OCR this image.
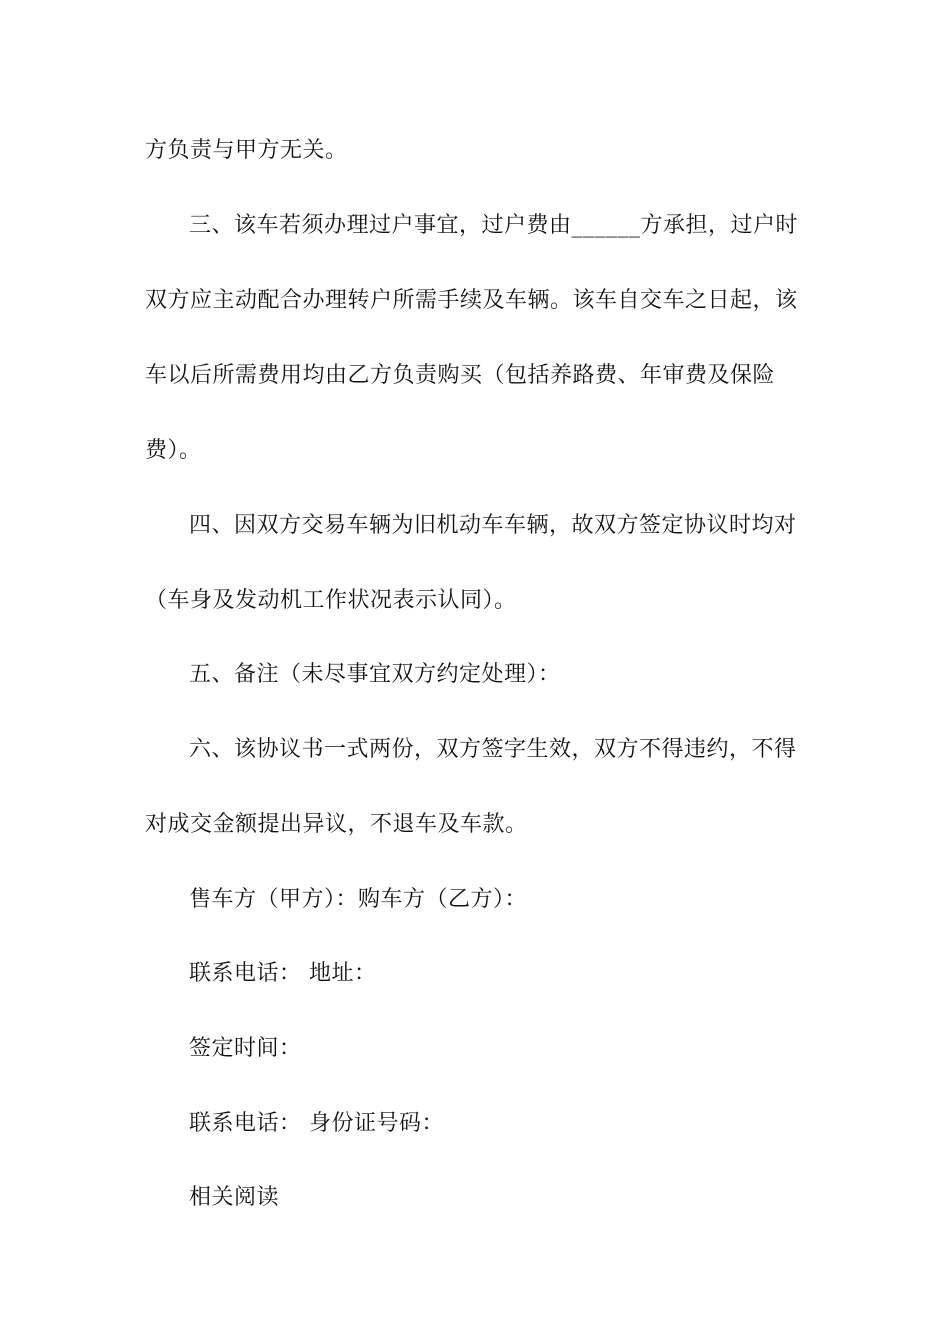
方负责与甲方无关。
三、该车若须办理过户事宜，过户费由______方承担，过户时
双方应主动配合办理转户所需手续及车辆。该车自交车之日起，该
车以后所需费用均由乙方负责购买（包括养路费、年审费及保险
费）。
四、因双方交易车辆为旧机动车车辆，故双方签定协议时均对
（车身及发动机工作状况表示认同）。
五、备注（未尽事宜双方约定处理）：
六、该协议书一式两份，双方签字生效，双方不得违约，不得
对成交金额提出异议，不退车及车款。
售车方（甲方）：购车方（乙方）：
联系电话： 地址：
签定时间：
联系电话： 身份证号码：
相关阅读
